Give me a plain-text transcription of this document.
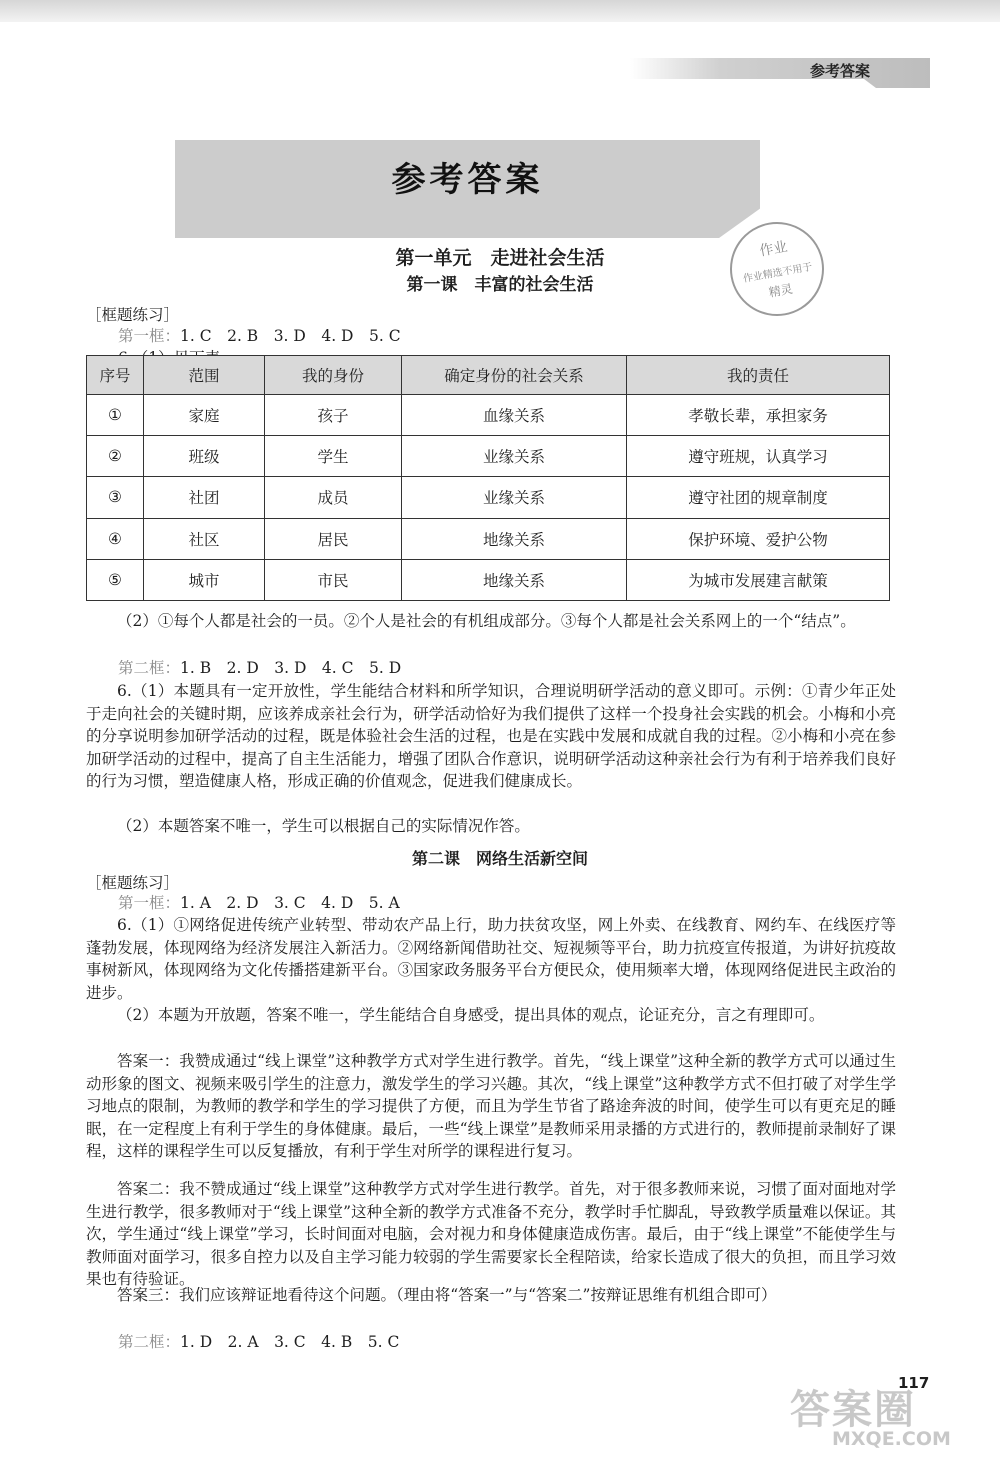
参考答案
参考答案
作业
作业精选不用于
精灵
第一单元　走进社会生活
第一课　丰富的社会生活
［框题练习］
第一框：1. C　2. B　3. D　4. D　5. C
序号	范围	我的身份	确定身份的社会关系	我的责任
①	家庭	孩子	血缘关系	孝敬长辈，承担家务
②	班级	学生	业缘关系	遵守班规，认真学习
③	社团	成员	业缘关系	遵守社团的规章制度
④	社区	居民	地缘关系	保护环境、爱护公物
⑤	城市	市民	地缘关系	为城市发展建言献策
（2）①每个人都是社会的一员。②个人是社会的有机组成部分。③每个人都是社会关系网上的一个“结点”。
第二框：1. B　2. D　3. D　4. C　5. D
6.（1）本题具有一定开放性，学生能结合材料和所学知识，合理说明研学活动的意义即可。示例：①青少年正处于走向社会的关键时期，应该养成亲社会行为，研学活动恰好为我们提供了这样一个投身社会实践的机会。小梅和小亮的分享说明参加研学活动的过程，既是体验社会生活的过程，也是在实践中发展和成就自我的过程。②小梅和小亮在参加研学活动的过程中，提高了自主生活能力，增强了团队合作意识，说明研学活动这种亲社会行为有利于培养我们良好的行为习惯，塑造健康人格，形成正确的价值观念，促进我们健康成长。
（2）本题答案不唯一，学生可以根据自己的实际情况作答。
第二课　网络生活新空间
［框题练习］
第一框：1. A　2. D　3. C　4. D　5. A
6.（1）①网络促进传统产业转型、带动农产品上行，助力扶贫攻坚，网上外卖、在线教育、网约车、在线医疗等蓬勃发展，体现网络为经济发展注入新活力。②网络新闻借助社交、短视频等平台，助力抗疫宣传报道，为讲好抗疫故事树新风，体现网络为文化传播搭建新平台。③国家政务服务平台方便民众，使用频率大增，体现网络促进民主政治的进步。
（2）本题为开放题，答案不唯一，学生能结合自身感受，提出具体的观点，论证充分，言之有理即可。
答案一：我赞成通过“线上课堂”这种教学方式对学生进行教学。首先，“线上课堂”这种全新的教学方式可以通过生动形象的图文、视频来吸引学生的注意力，激发学生的学习兴趣。其次，“线上课堂”这种教学方式不但打破了对学生学习地点的限制，为教师的教学和学生的学习提供了方便，而且为学生节省了路途奔波的时间，使学生可以有更充足的睡眠，在一定程度上有利于学生的身体健康。最后，一些“线上课堂”是教师采用录播的方式进行的，教师提前录制好了课程，这样的课程学生可以反复播放，有利于学生对所学的课程进行复习。
答案二：我不赞成通过“线上课堂”这种教学方式对学生进行教学。首先，对于很多教师来说，习惯了面对面地对学生进行教学，很多教师对于“线上课堂”这种全新的教学方式准备不充分，教学时手忙脚乱，导致教学质量难以保证。其次，学生通过“线上课堂”学习，长时间面对电脑，会对视力和身体健康造成伤害。最后，由于“线上课堂”不能使学生与教师面对面学习，很多自控力以及自主学习能力较弱的学生需要家长全程陪读，给家长造成了很大的负担，而且学习效果也有待验证。
答案三：我们应该辩证地看待这个问题。（理由将“答案一”与“答案二”按辩证思维有机组合即可）
第二框：1. D　2. A　3. C　4. B　5. C
答案圈
MXQE.COM
117
